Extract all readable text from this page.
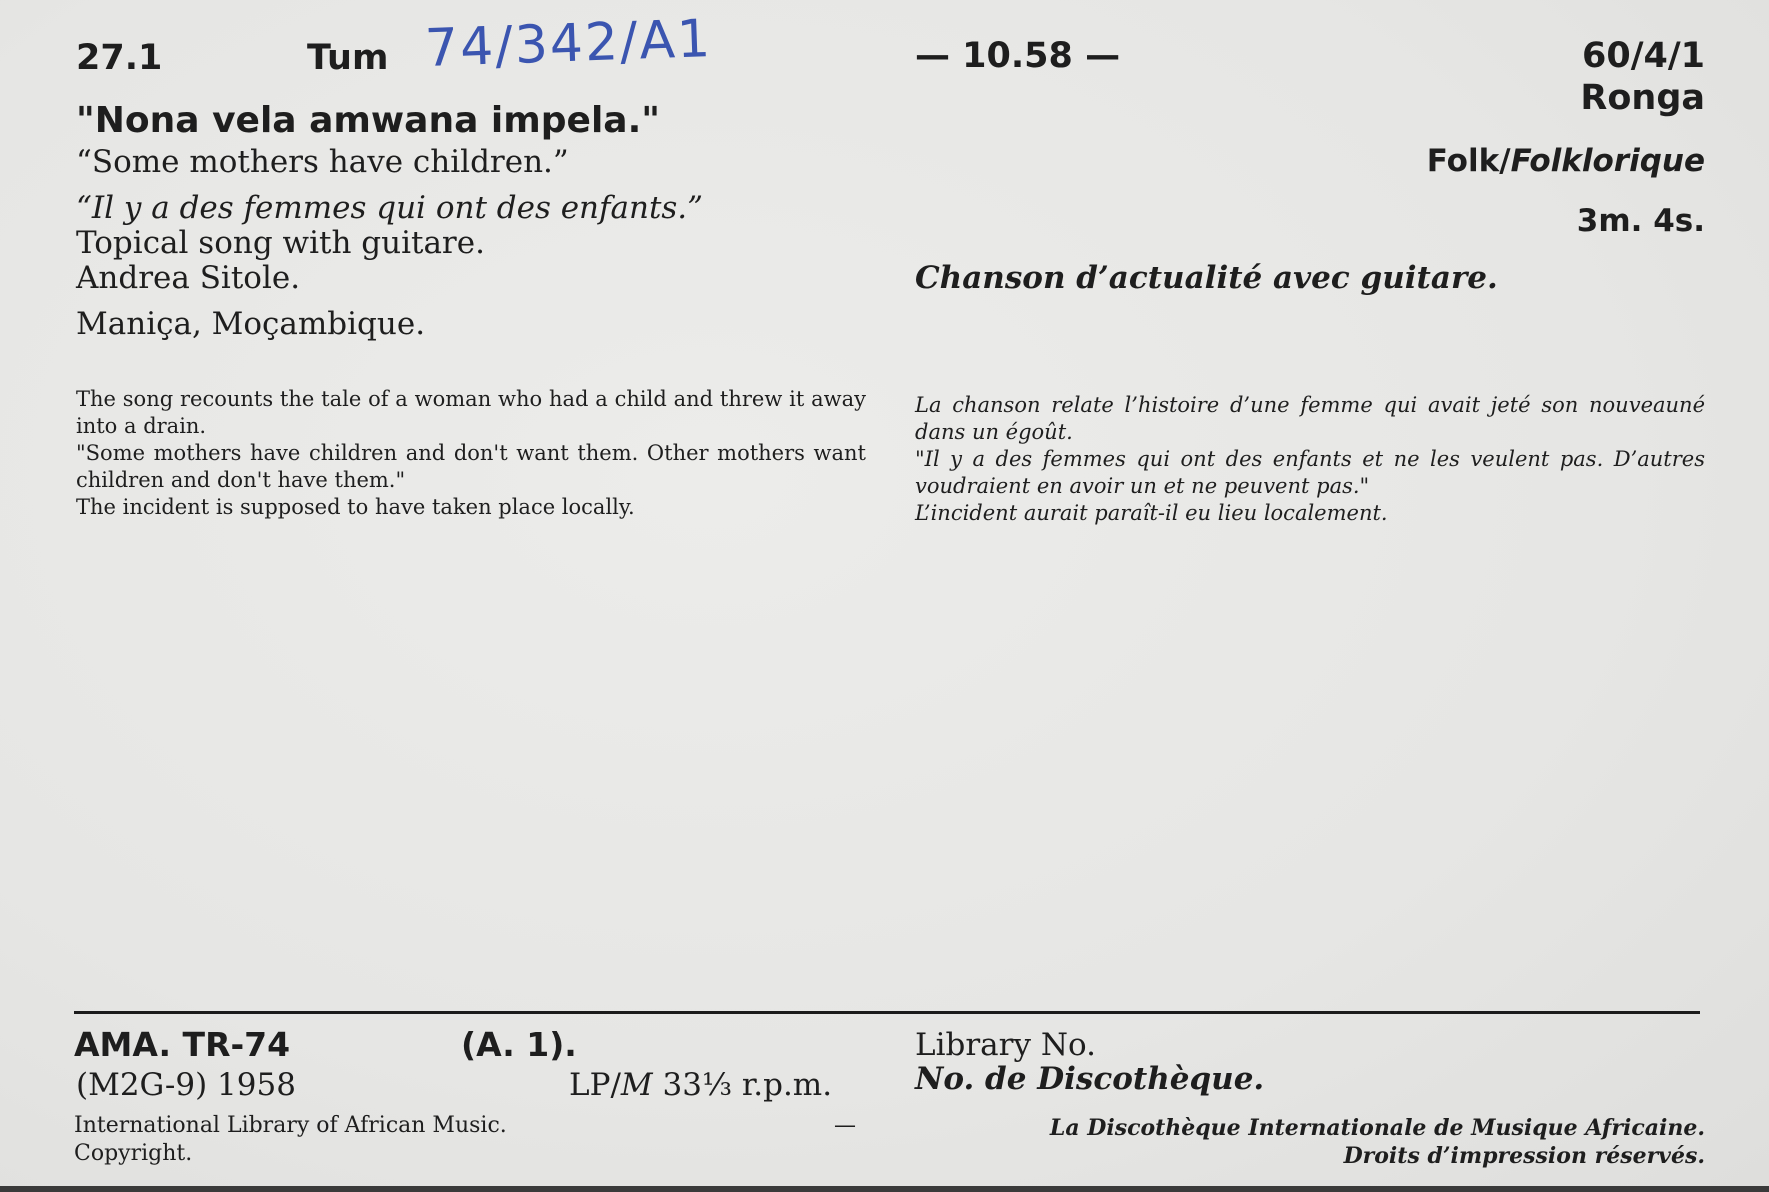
27.1	Tum 74/342/A1	— 10.58 —	60/4/1
Ronga
"Nona vela amwana impela."
“Some mothers have children.”
“Il y a des femmes qui ont des enfants.”
Topical song with guitare.
Andrea Sitole.
Maniça, Moçambique.
Folk/Folklorique
3m. 4s.
Chanson d’actualité avec guitare.

The song recounts the tale of a woman who had a child and threw it away into a drain.

"Some mothers have children and don't want them. Other mothers want children and don't have them."

The incident is supposed to have taken place locally.

La chanson relate l’histoire d’une femme qui avait jeté son nouveauné dans un égoût.

"Il y a des femmes qui ont des enfants et ne les veulent pas. D’autres voudraient en avoir un et ne peuvent pas."

L’incident aurait paraît-il eu lieu localement.

AMA. TR-74	(A. 1).
(M2G-9) 1958	LP/M 33⅓ r.p.m.
Library No.
No. de Discothèque.
International Library of African Music.
Copyright.
—	La Discothèque Internationale de Musique Africaine.
Droits d’impression réservés.
